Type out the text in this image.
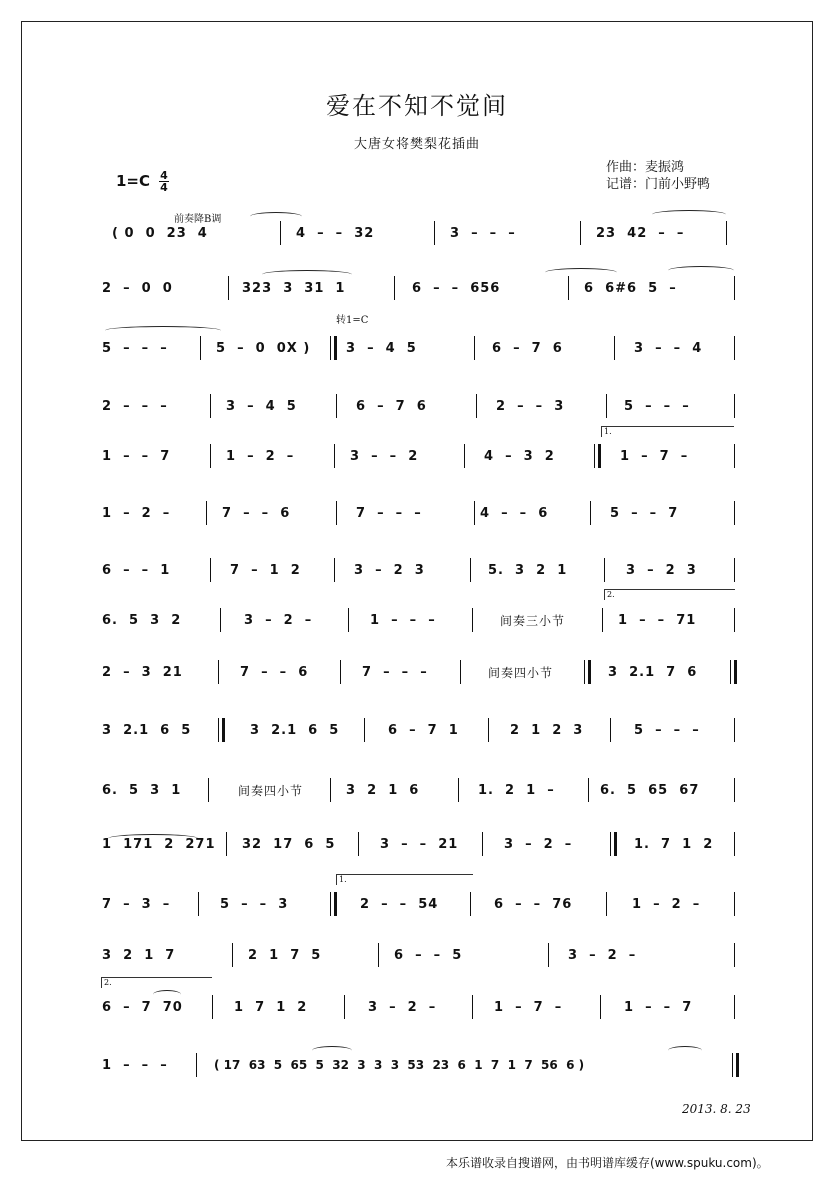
爱在不知不觉间
大唐女将樊梨花插曲
作曲：麦振鸿
记谱：门前小野鸭
1=C 4
4
前奏降B调
转1=C
1.
2.
1.
2.
( 0  0  23  4	4  –  –  32	3  –  –  –	23  42  –  –
2  –  0  0	323  3  31  1	6  –  –  656	6  6#6  5  –
5  –  –  –	5  –  0  0X )	3  –  4  5	6  –  7  6	3  –  –  4
2  –  –  –	3  –  4  5	6  –  7  6	2  –  –  3	5  –  –  –
1  –  –  7	1  –  2  –	3  –  –  2	4  –  3  2	1  –  7  –
1  –  2  –	7  –  –  6	7  –  –  –	4  –  –  6	5  –  –  7
6  –  –  1	7  –  1  2	3  –  2  3	5.  3  2  1	3  –  2  3
6.  5  3  2	3  –  2  –	1  –  –  –	间奏三小节	1  –  –  71
2  –  3  21	7  –  –  6	7  –  –  –	间奏四小节	3  2.1  7  6
3  2.1  6  5	3  2.1  6  5	6  –  7  1	2  1  2  3	5  –  –  –
6.  5  3  1	间奏四小节	3  2  1  6	1.  2  1  –	6.  5  65  67
1  171  2  271	32  17  6  5	3  –  –  21	3  –  2  –	1.  7  1  2
7  –  3  –	5  –  –  3	2  –  –  54	6  –  –  76	1  –  2  –
3  2  1  7	2  1  7  5	6  –  –  5	3  –  2  –
6  –  7  70	1  7  1  2	3  –  2  –	1  –  7  –	1  –  –  7
1  –  –  –	( 17  63  5  65  5  32  3  3  3  53  23  6  1  7  1  7  56  6 )
2013. 8. 23
本乐谱收录自搜谱网，由书明谱库缓存(www.spuku.com)。
